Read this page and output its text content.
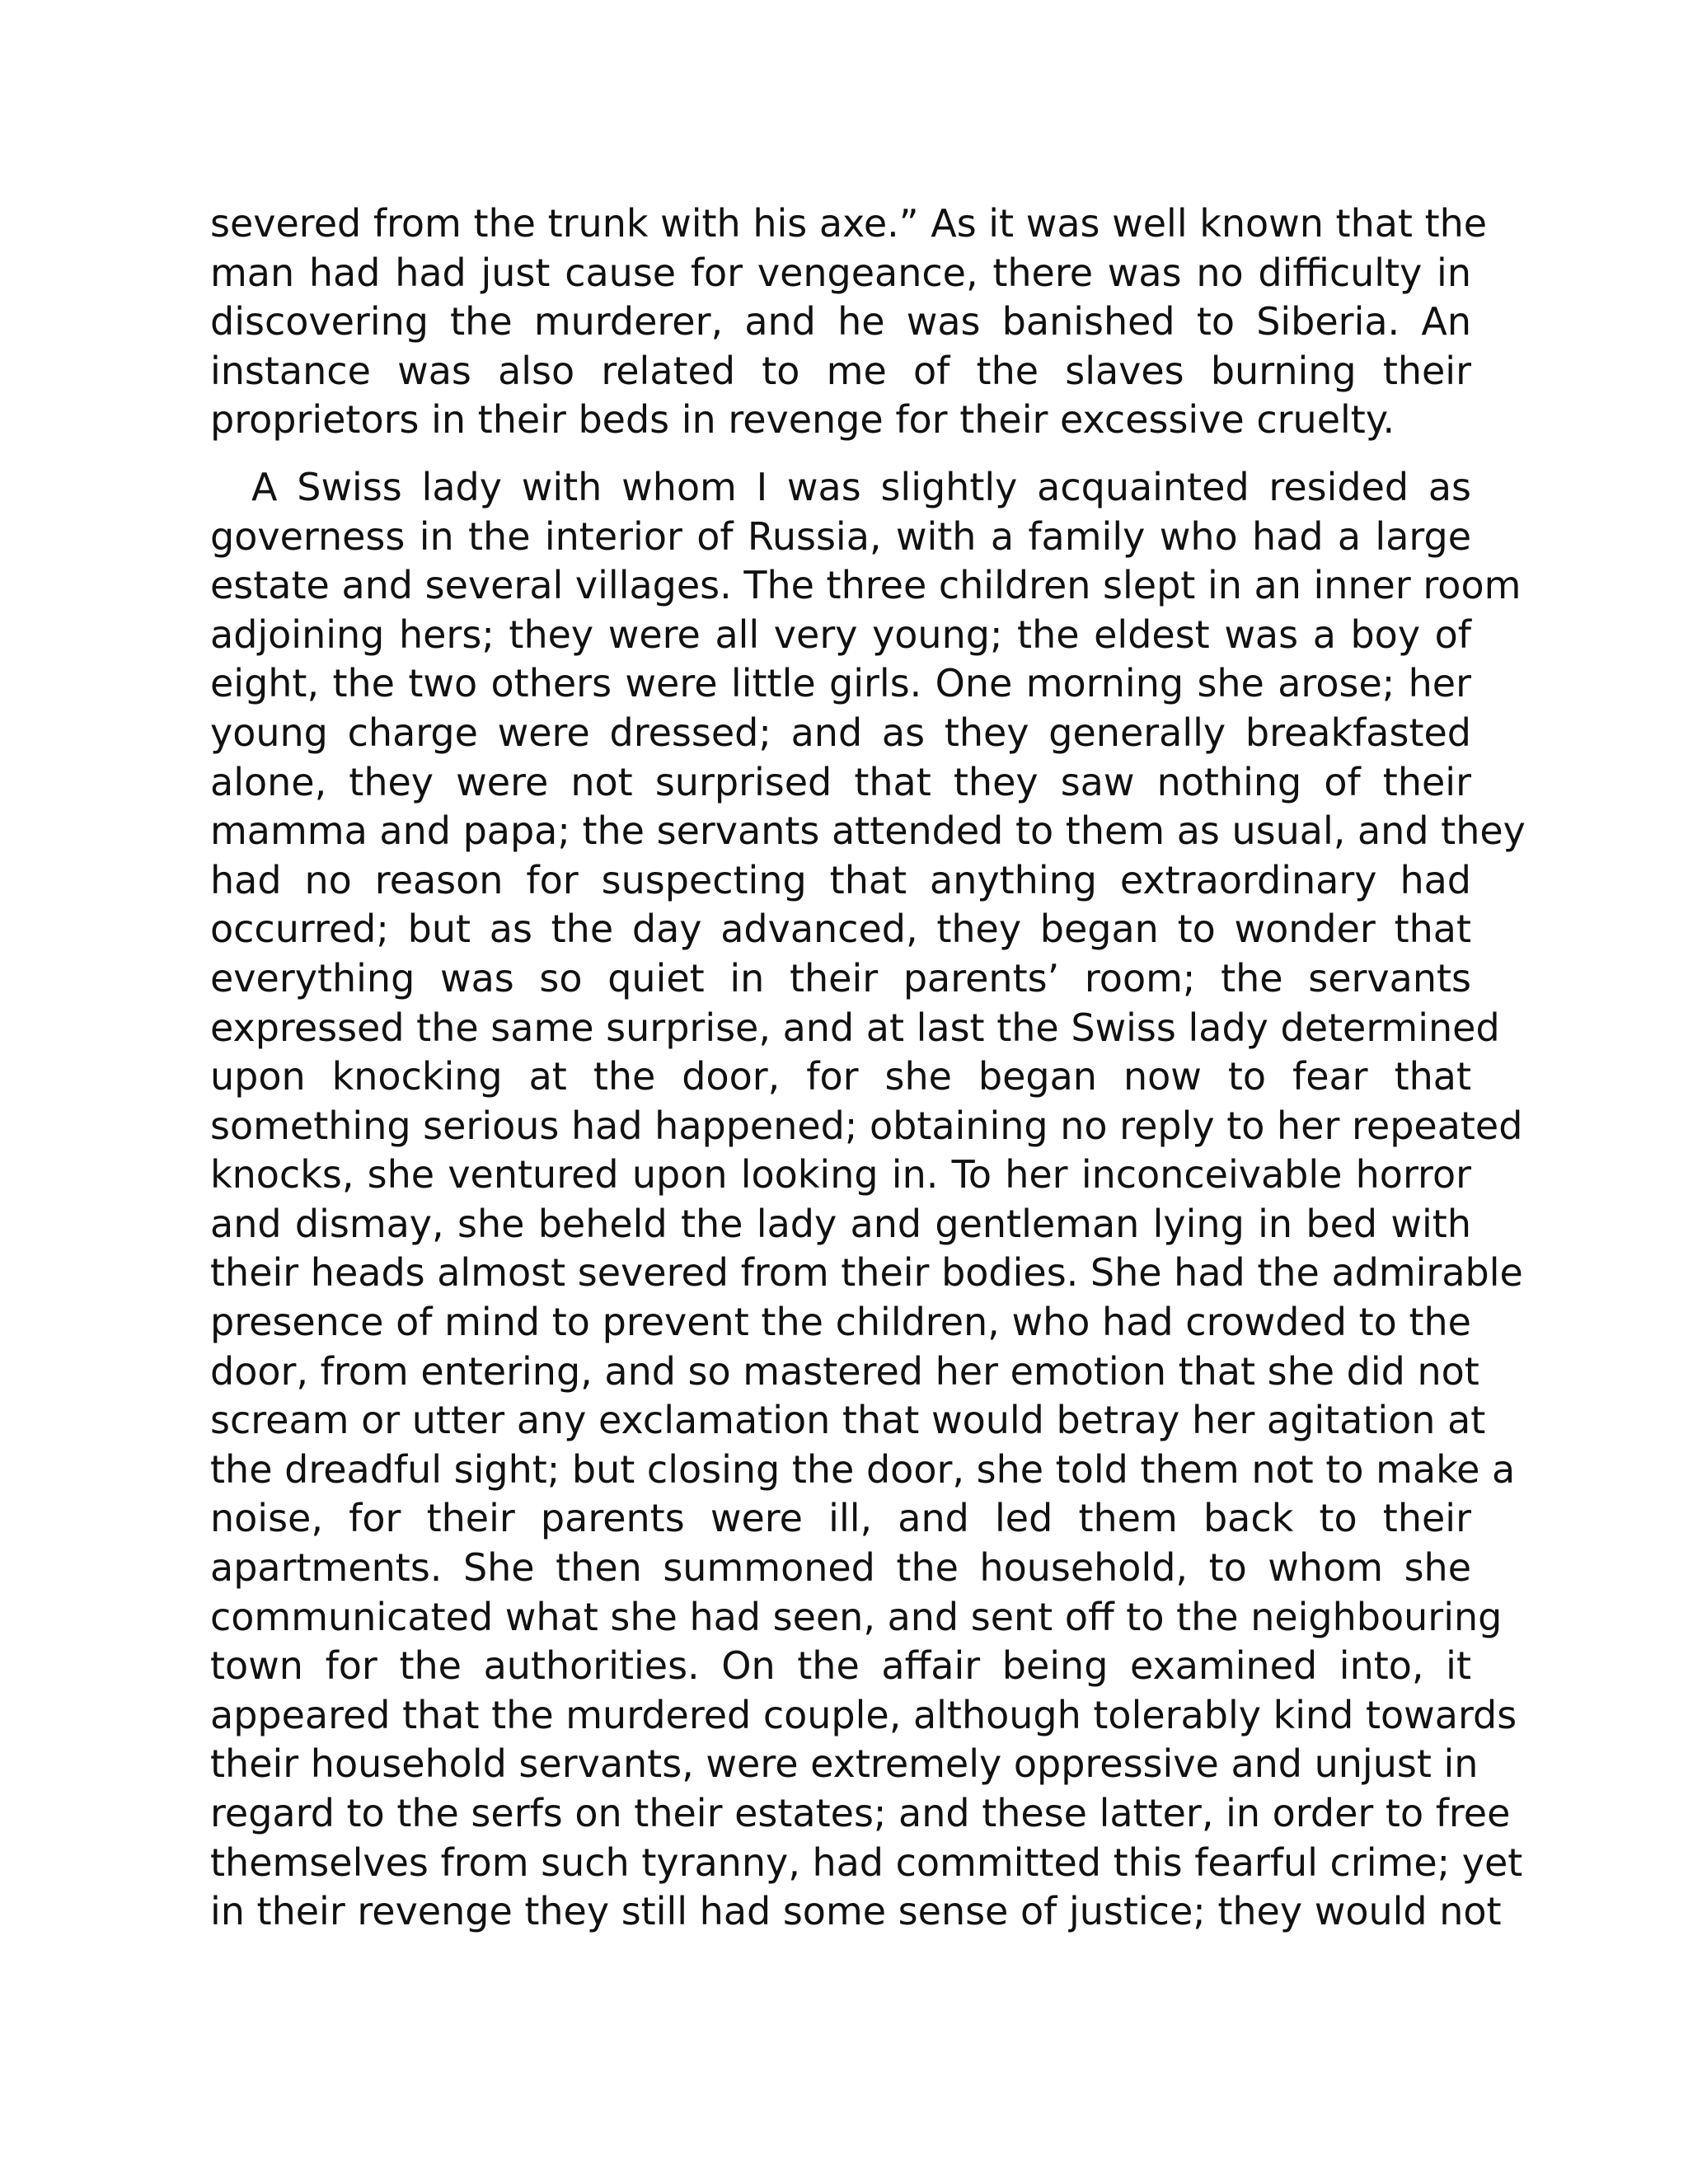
severed from the trunk with his axe.” As it was well known that the
man had had just cause for vengeance, there was no difficulty in
discovering the murderer, and he was banished to Siberia. An
instance was also related to me of the slaves burning their
proprietors in their beds in revenge for their excessive cruelty.

A Swiss lady with whom I was slightly acquainted resided as
governess in the interior of Russia, with a family who had a large
estate and several villages. The three children slept in an inner room
adjoining hers; they were all very young; the eldest was a boy of
eight, the two others were little girls. One morning she arose; her
young charge were dressed; and as they generally breakfasted
alone, they were not surprised that they saw nothing of their
mamma and papa; the servants attended to them as usual, and they
had no reason for suspecting that anything extraordinary had
occurred; but as the day advanced, they began to wonder that
everything was so quiet in their parents’ room; the servants
expressed the same surprise, and at last the Swiss lady determined
upon knocking at the door, for she began now to fear that
something serious had happened; obtaining no reply to her repeated
knocks, she ventured upon looking in. To her inconceivable horror
and dismay, she beheld the lady and gentleman lying in bed with
their heads almost severed from their bodies. She had the admirable
presence of mind to prevent the children, who had crowded to the
door, from entering, and so mastered her emotion that she did not
scream or utter any exclamation that would betray her agitation at
the dreadful sight; but closing the door, she told them not to make a
noise, for their parents were ill, and led them back to their
apartments. She then summoned the household, to whom she
communicated what she had seen, and sent off to the neighbouring
town for the authorities. On the affair being examined into, it
appeared that the murdered couple, although tolerably kind towards
their household servants, were extremely oppressive and unjust in
regard to the serfs on their estates; and these latter, in order to free
themselves from such tyranny, had committed this fearful crime; yet
in their revenge they still had some sense of justice; they would not
